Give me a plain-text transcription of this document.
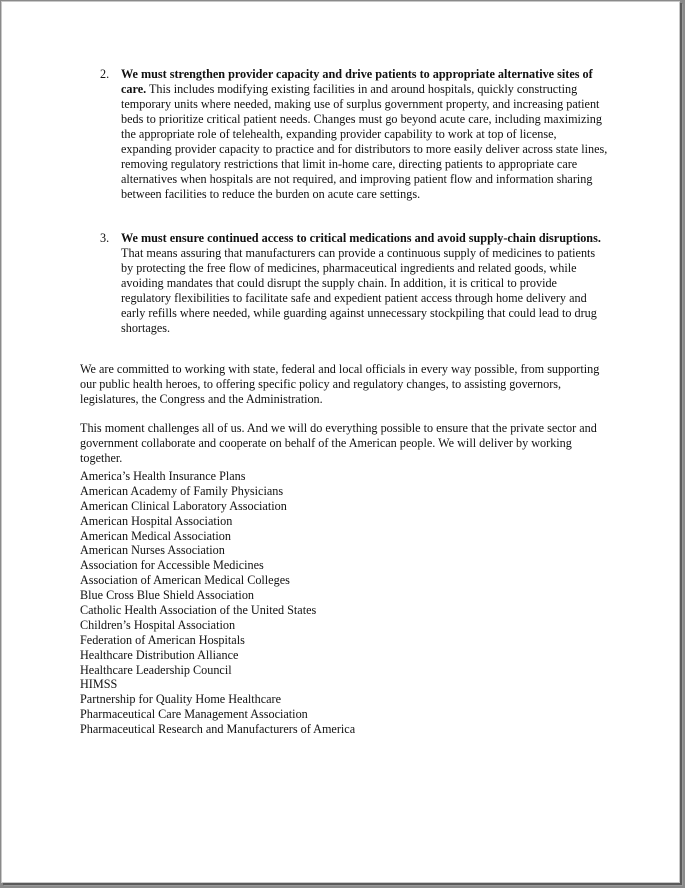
2. We must strengthen provider capacity and drive patients to appropriate alternative sites of care. This includes modifying existing facilities in and around hospitals, quickly constructing temporary units where needed, making use of surplus government property, and increasing patient beds to prioritize critical patient needs. Changes must go beyond acute care, including maximizing the appropriate role of telehealth, expanding provider capability to work at top of license, expanding provider capacity to practice and for distributors to more easily deliver across state lines, removing regulatory restrictions that limit in-home care, directing patients to appropriate care alternatives when hospitals are not required, and improving patient flow and information sharing between facilities to reduce the burden on acute care settings.
3. We must ensure continued access to critical medications and avoid supply-chain disruptions. That means assuring that manufacturers can provide a continuous supply of medicines to patients by protecting the free flow of medicines, pharmaceutical ingredients and related goods, while avoiding mandates that could disrupt the supply chain. In addition, it is critical to provide regulatory flexibilities to facilitate safe and expedient patient access through home delivery and early refills where needed, while guarding against unnecessary stockpiling that could lead to drug shortages.

We are committed to working with state, federal and local officials in every way possible, from supporting our public health heroes, to offering specific policy and regulatory changes, to assisting governors, legislatures, the Congress and the Administration.

This moment challenges all of us. And we will do everything possible to ensure that the private sector and government collaborate and cooperate on behalf of the American people. We will deliver by working together.

America’s Health Insurance Plans
American Academy of Family Physicians
American Clinical Laboratory Association
American Hospital Association
American Medical Association
American Nurses Association
Association for Accessible Medicines
Association of American Medical Colleges
Blue Cross Blue Shield Association
Catholic Health Association of the United States
Children’s Hospital Association
Federation of American Hospitals
Healthcare Distribution Alliance
Healthcare Leadership Council
HIMSS
Partnership for Quality Home Healthcare
Pharmaceutical Care Management Association
Pharmaceutical Research and Manufacturers of America
